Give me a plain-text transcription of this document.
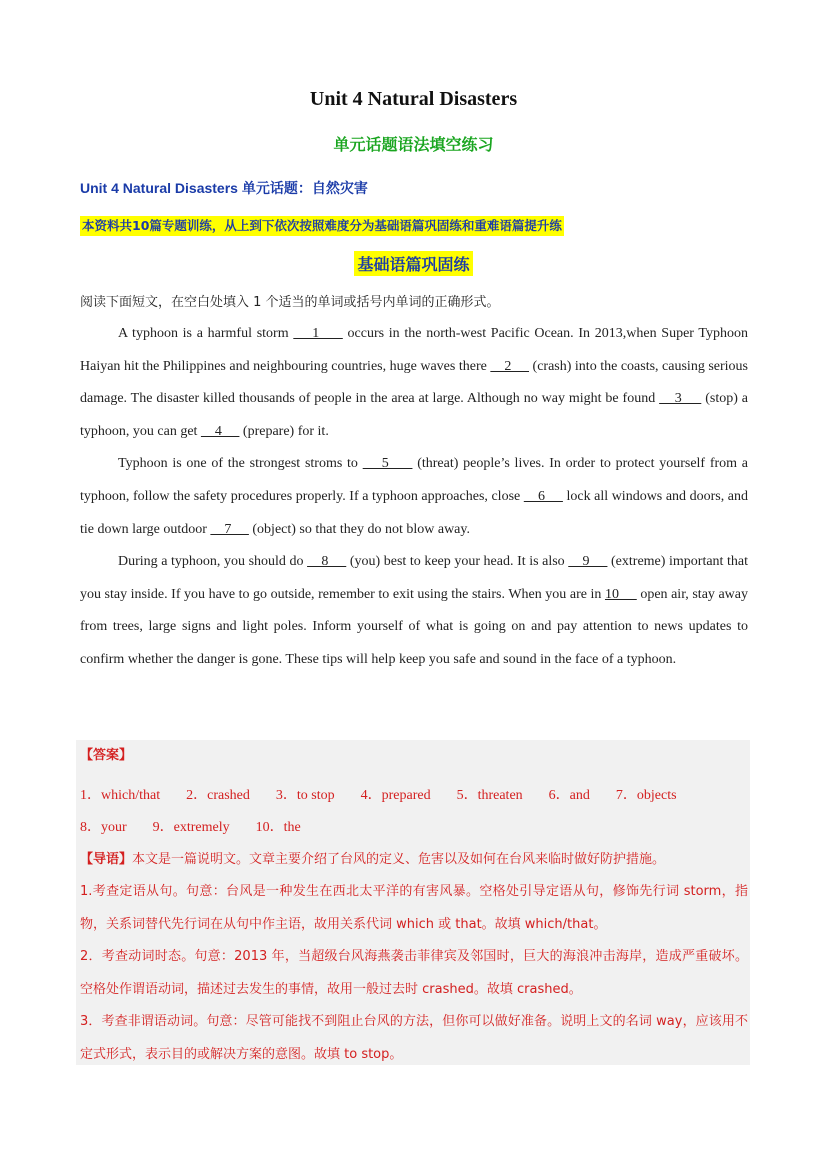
Unit 4 Natural Disasters
单元话题语法填空练习

Unit 4 Natural Disasters 单元话题：自然灾害

本资料共10篇专题训练，从上到下依次按照难度分为基础语篇巩固练和重难语篇提升练

基础语篇巩固练

阅读下面短文，在空白处填入 1 个适当的单词或括号内单词的正确形式。

A typhoon is a harmful storm     1      occurs in the north-west Pacific Ocean. In 2013,when Super Typhoon Haiyan hit the Philippines and neighbouring countries, huge waves there     2      (crash) into the coasts, causing serious damage. The disaster killed thousands of people in the area at large. Although no way might be found     3      (stop) a typhoon, you can get     4      (prepare) for it.

Typhoon is one of the strongest stroms to     5      (threat) people’s lives. In order to protect yourself from a typhoon, follow the safety procedures properly. If a typhoon approaches, close     6      lock all windows and doors, and tie down large outdoor     7      (object) so that they do not blow away.

During a typhoon, you should do     8      (you) best to keep your head. It is also     9      (extreme) important that you stay inside. If you have to go outside, remember to exit using the stairs. When you are in 10      open air, stay away from trees, large signs and light poles. Inform yourself of what is going on and pay attention to news updates to confirm whether the danger is gone. These tips will help keep you safe and sound in the face of a typhoon.

【答案】

1．which/that 2．crashed 3．to stop 4．prepared 5．threaten 6．and 7．objects
8．your 9．extremely 10．the
【导语】本文是一篇说明文。文章主要介绍了台风的定义、危害以及如何在台风来临时做好防护措施。

1.考查定语从句。句意：台风是一种发生在西北太平洋的有害风暴。空格处引导定语从句，修饰先行词 storm，指物，关系词替代先行词在从句中作主语，故用关系代词 which 或 that。故填 which/that。

2．考查动词时态。句意：2013 年，当超级台风海燕袭击菲律宾及邻国时，巨大的海浪冲击海岸，造成严重破坏。空格处作谓语动词，描述过去发生的事情，故用一般过去时 crashed。故填 crashed。

3．考查非谓语动词。句意：尽管可能找不到阻止台风的方法，但你可以做好准备。说明上文的名词 way，应该用不定式形式，表示目的或解决方案的意图。故填 to stop。
